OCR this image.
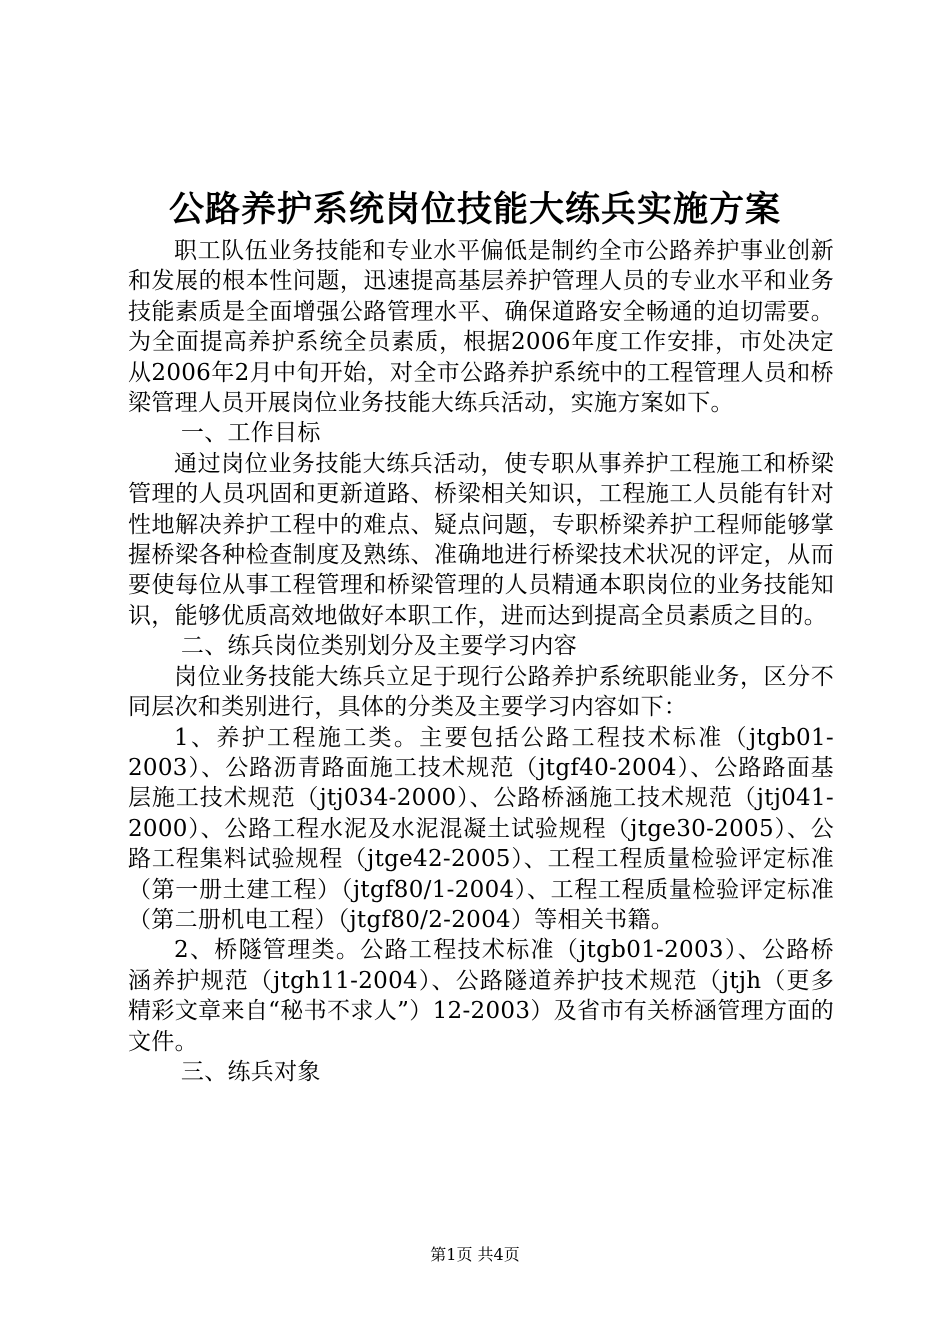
公路养护系统岗位技能大练兵实施方案

职工队伍业务技能和专业水平偏低是制约全市公路养护事业创新和发展的根本性问题，迅速提高基层养护管理人员的专业水平和业务技能素质是全面增强公路管理水平、确保道路安全畅通的迫切需要。为全面提高养护系统全员素质，根据2006年度工作安排，市处决定从2006年2月中旬开始，对全市公路养护系统中的工程管理人员和桥梁管理人员开展岗位业务技能大练兵活动，实施方案如下。

一、工作目标

通过岗位业务技能大练兵活动，使专职从事养护工程施工和桥梁管理的人员巩固和更新道路、桥梁相关知识，工程施工人员能有针对性地解决养护工程中的难点、疑点问题，专职桥梁养护工程师能够掌握桥梁各种检查制度及熟练、准确地进行桥梁技术状况的评定，从而要使每位从事工程管理和桥梁管理的人员精通本职岗位的业务技能知识，能够优质高效地做好本职工作，进而达到提高全员素质之目的。

二、练兵岗位类别划分及主要学习内容

岗位业务技能大练兵立足于现行公路养护系统职能业务，区分不同层次和类别进行，具体的分类及主要学习内容如下：

1、养护工程施工类。主要包括公路工程技术标准（jtgb01-2003）、公路沥青路面施工技术规范（jtgf40-2004）、公路路面基层施工技术规范（jtj034-2000）、公路桥涵施工技术规范（jtj041-2000）、公路工程水泥及水泥混凝土试验规程（jtge30-2005）、公路工程集料试验规程（jtge42-2005）、工程工程质量检验评定标准（第一册土建工程）（jtgf80/1-2004）、工程工程质量检验评定标准（第二册机电工程）（jtgf80/2-2004）等相关书籍。

2、桥隧管理类。公路工程技术标准（jtgb01-2003）、公路桥涵养护规范（jtgh11-2004）、公路隧道养护技术规范（jtjh（更多精彩文章来自“秘书不求人”）12-2003）及省市有关桥涵管理方面的文件。

三、练兵对象

第1页 共4页
